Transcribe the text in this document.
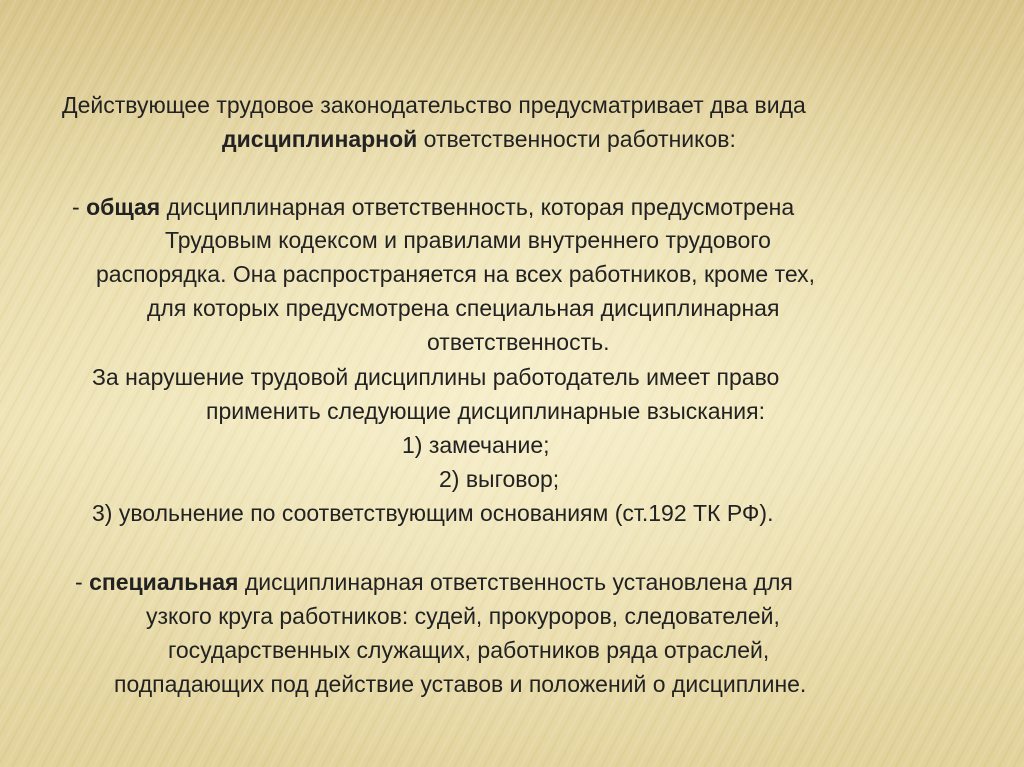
Действующее трудовое законодательство предусматривает два вида
дисциплинарной ответственности работников:
- общая дисциплинарная ответственность, которая предусмотрена
Трудовым кодексом и правилами внутреннего трудового
распорядка. Она распространяется на всех работников, кроме тех,
для которых предусмотрена специальная дисциплинарная
ответственность.
За нарушение трудовой дисциплины работодатель имеет право
применить следующие дисциплинарные взыскания:
1) замечание;
2) выговор;
3) увольнение по соответствующим основаниям (ст.192 ТК РФ).
- специальная дисциплинарная ответственность установлена для
узкого круга работников: судей, прокуроров, следователей,
государственных служащих, работников ряда отраслей,
подпадающих под действие уставов и положений о дисциплине.
